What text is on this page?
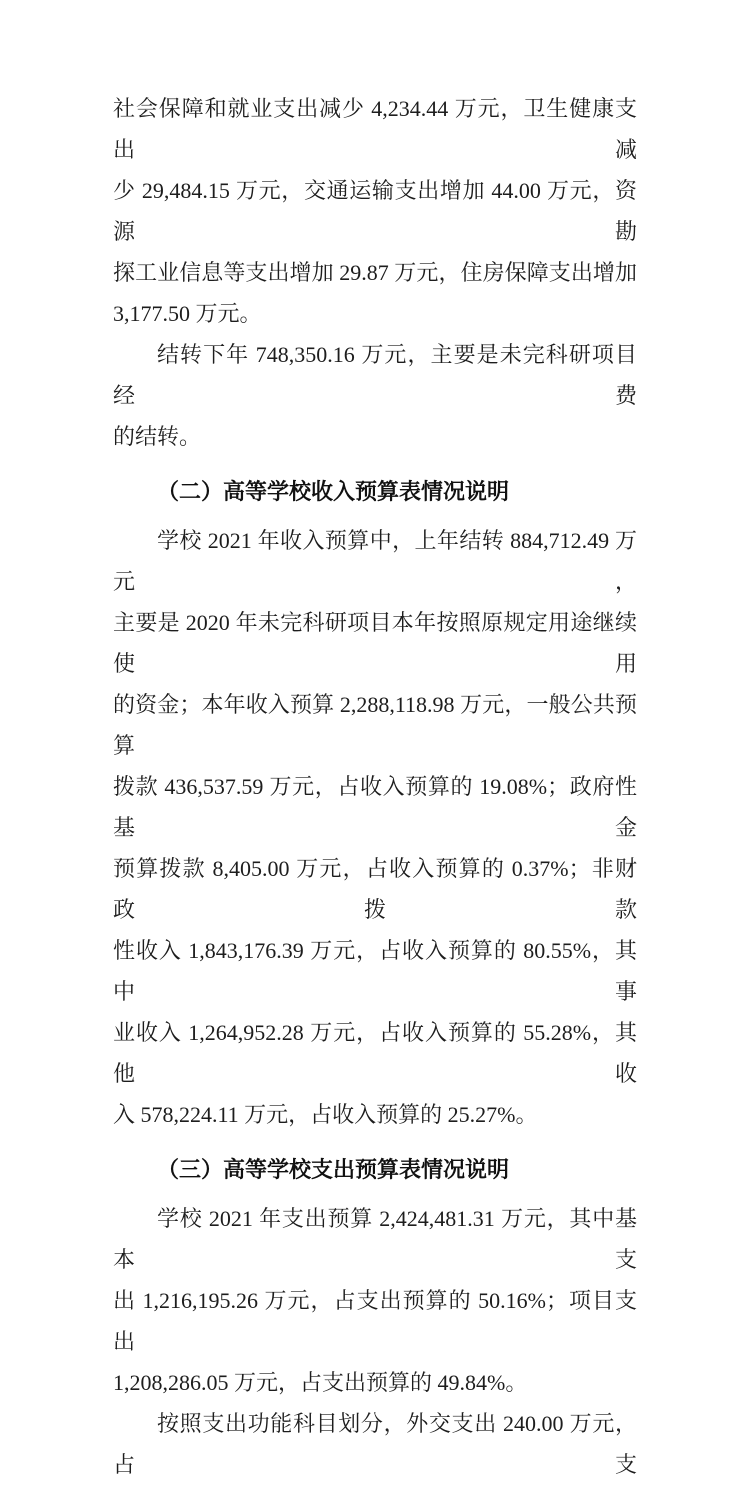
社会保障和就业支出减少 4,234.44 万元，卫生健康支出减
少 29,484.15 万元，交通运输支出增加 44.00 万元，资源勘
探工业信息等支出增加 29.87 万元，住房保障支出增加
3,177.50 万元。
结转下年 748,350.16 万元，主要是未完科研项目经费
的结转。
（二）高等学校收入预算表情况说明
学校 2021 年收入预算中，上年结转 884,712.49 万元，
主要是 2020 年未完科研项目本年按照原规定用途继续使用
的资金；本年收入预算 2,288,118.98 万元，一般公共预算
拨款 436,537.59 万元，占收入预算的 19.08%；政府性基金
预算拨款 8,405.00 万元，占收入预算的 0.37%；非财政拨款
性收入 1,843,176.39 万元，占收入预算的 80.55%，其中事
业收入 1,264,952.28 万元，占收入预算的 55.28%，其他收
入 578,224.11 万元，占收入预算的 25.27%。
（三）高等学校支出预算表情况说明
学校 2021 年支出预算 2,424,481.31 万元，其中基本支
出 1,216,195.26 万元，占支出预算的 50.16%；项目支出
1,208,286.05 万元，占支出预算的 49.84%。
按照支出功能科目划分，外交支出 240.00 万元，占支
